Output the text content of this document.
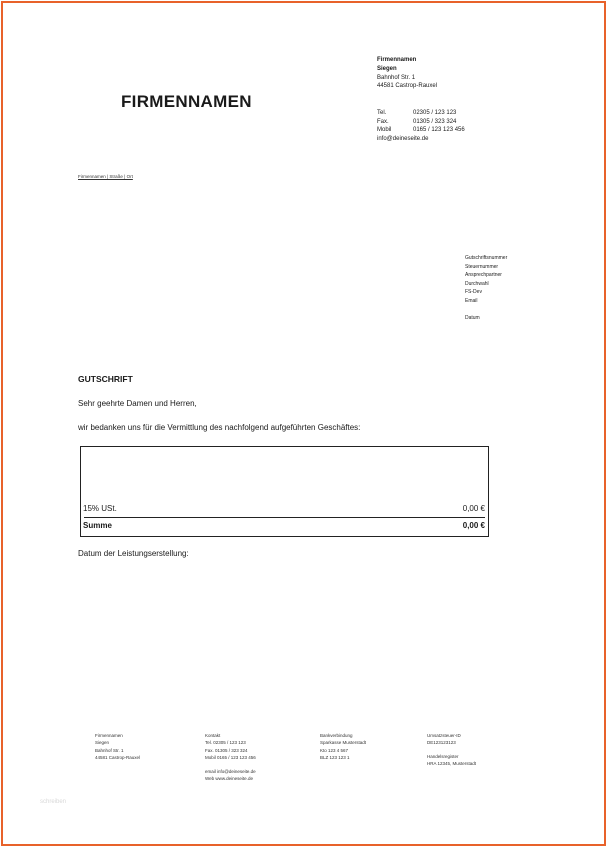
FIRMENNAMEN
Firmennamen
Siegen
Bahnhof Str. 1
44581 Castrop-Rauxel
Tel.	02305 / 123 123
Fax.	01305 / 323 324
Mobil	0165 / 123 123 456
info@deineseite.de
Firmennamen | Straße | Ort
Gutschriftsnummer
Steuernummer
Ansprechpartner
Durchwahl
FS-Dev
Email

Datum
GUTSCHRIFT
Sehr geehrte Damen und Herren,
wir bedanken uns für die Vermittlung des nachfolgend aufgeführten Geschäftes:
15% USt.	0,00 €
Summe	0,00 €
Datum der Leistungserstellung:
Firmennamen
Siegen
Bahnhof Str. 1
44581 Castrop-Rauxel
Kontakt
Tel. 02305 / 123 123
Fax. 01305 / 323 324
Mobil 0165 / 123 123 456
email info@deineseite.de
Web www.deineseite.de
Bankverbindung
Sparkasse Musterstadt
Kto 123 4 567
BLZ 123 123 1
Umsatzsteuer-ID
DE123123123
Handelsregister
HRA 12345, Musterstadt
schreiben
